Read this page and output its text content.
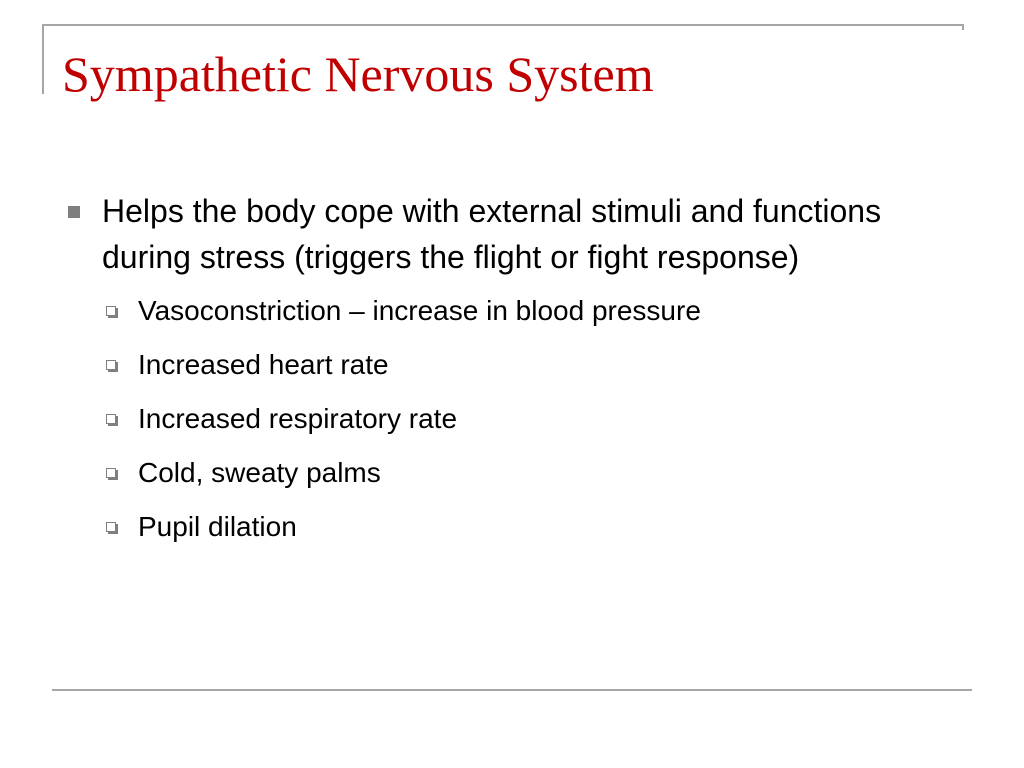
Sympathetic Nervous System
Helps the body cope with external stimuli and functions during stress (triggers the flight or fight response)
Vasoconstriction – increase in blood pressure
Increased heart rate
Increased respiratory rate
Cold, sweaty palms
Pupil dilation
